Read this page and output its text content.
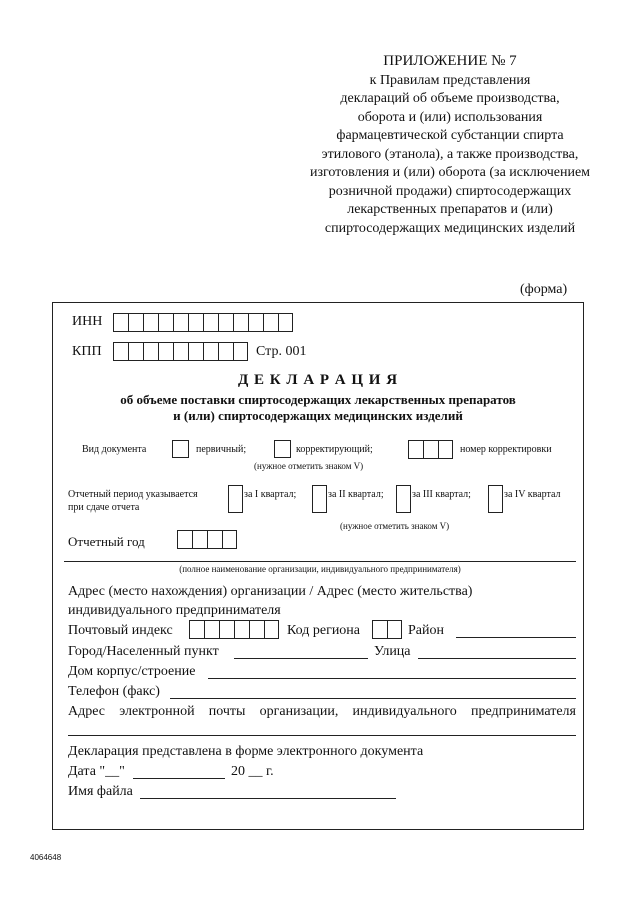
ПРИЛОЖЕНИЕ № 7
к Правилам представления
деклараций об объеме производства,
оборота и (или) использования
фармацевтической субстанции спирта
этилового (этанола), а также производства,
изготовления и (или) оборота (за исключением
розничной продажи) спиртосодержащих
лекарственных препаратов и (или)
спиртосодержащих медицинских изделий
(форма)
ИНН
КПП	Стр. 001
Д Е К Л А Р А Ц И Я
об объеме поставки спиртосодержащих лекарственных препаратов
и (или) спиртосодержащих медицинских изделий
Вид документа	первичный;	корректирующий;	номер корректировки
(нужное отметить знаком V)
Отчетный период указывается
при сдаче отчета
за I квартал;	за II квартал;	за III квартал;	за IV квартал
(нужное отметить знаком V)
Отчетный год
(полное наименование организации, индивидуального предпринимателя)
Адрес (место нахождения) организации / Адрес (место жительства)
индивидуального предпринимателя
Почтовый индекс	Код региона	Район
Город/Населенный пункт	Улица
Дом корпус/строение
Телефон (факс)
Адрес электронной почты организации, индивидуального предпринимателя
Декларация представлена в форме электронного документа
Дата "__"	20 __ г.
Имя файла
4064648
